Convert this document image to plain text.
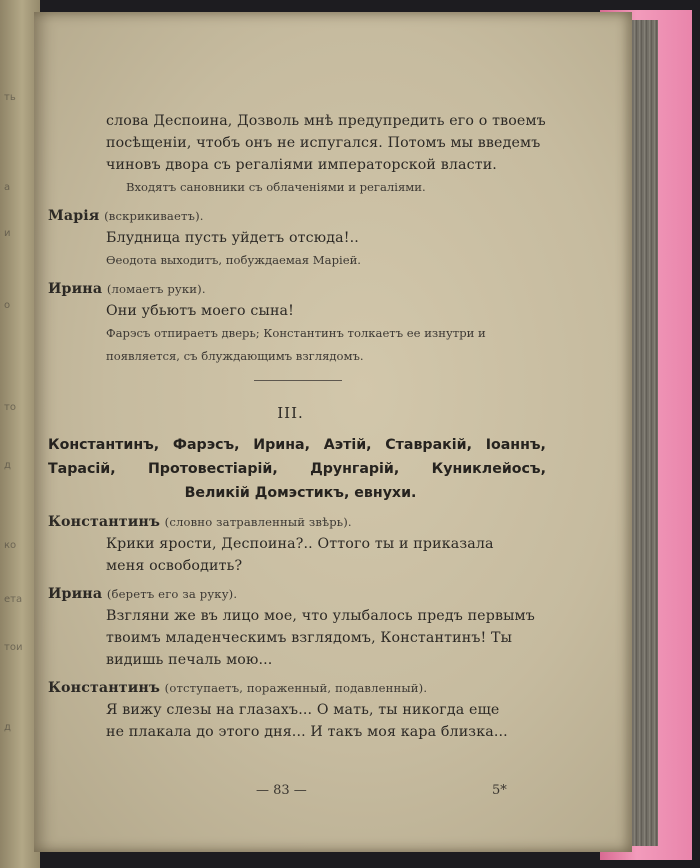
ть
а
и
о
то
д
ко
ета
тои
д
слова Деспоина, Дозволь мнѣ предупредить его о твоемъ
посѣщеніи, чтобъ онъ не испугался. Потомъ мы введемъ
чиновъ двора съ регаліями императорской власти.
Входятъ сановники съ облаченіями и регаліями.
Марія (вскрикиваетъ).
Блудница пусть уйдетъ отсюда!..
Өеодота выходитъ, побуждаемая Маріей.
Ирина (ломаетъ руки).
Они убьютъ моего сына!
Фарэсъ отпираетъ дверь; Константинъ толкаетъ ее изнутри и
появляется, съ блуждающимъ взглядомъ.
III.
Константинъ, Фарэсъ, Ирина, Аэтій, Ставракій, Іоаннъ,
Тарасій, Протовестіарій, Друнгарій, Куниклейосъ,
Великій Домэстикъ, евнухи.
Константинъ (словно затравленный звѣрь).
Крики ярости, Деспоина?.. Оттого ты и приказала
меня освободить?
Ирина (беретъ его за руку).
Взгляни же въ лицо мое, что улыбалось предъ первымъ
твоимъ младенческимъ взглядомъ, Константинъ! Ты
видишь печаль мою...
Константинъ (отступаетъ, пораженный, подавленный).
Я вижу слезы на глазахъ... О мать, ты никогда еще
не плакала до этого дня... И такъ моя кара близка...
— 83 —	5*
